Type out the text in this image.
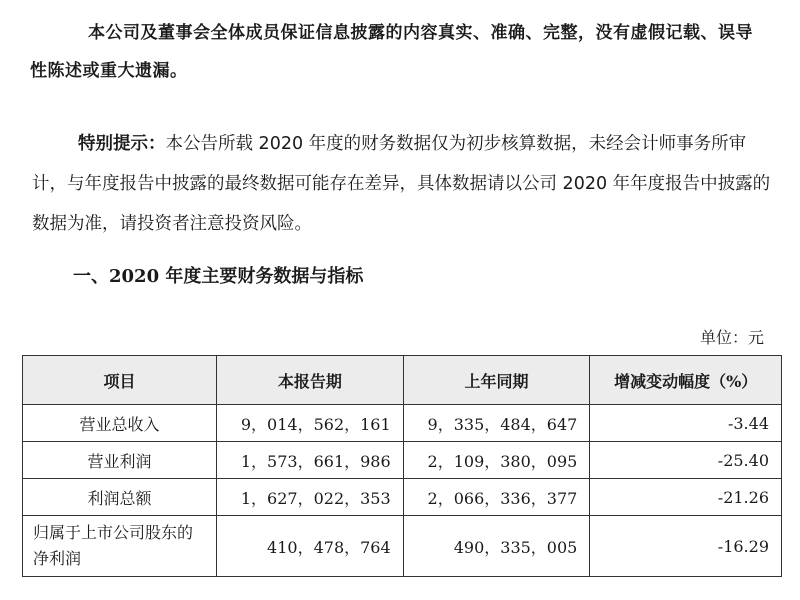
本公司及董事会全体成员保证信息披露的内容真实、准确、完整，没有虚假记载、误导性陈述或重大遗漏。
特别提示：本公告所载 2020 年度的财务数据仅为初步核算数据，未经会计师事务所审计，与年度报告中披露的最终数据可能存在差异，具体数据请以公司 2020 年年度报告中披露的数据为准，请投资者注意投资风险。
一、2020 年度主要财务数据与指标
单位：元
项目	本报告期	上年同期	增减变动幅度（%）
营业总收入	9，014，562，161	9，335，484，647	-3.44
营业利润	1，573，661，986	2，109，380，095	-25.40
利润总额	1，627，022，353	2，066，336，377	-21.26
归属于上市公司股东的净利润	410，478，764	490，335，005	-16.29
